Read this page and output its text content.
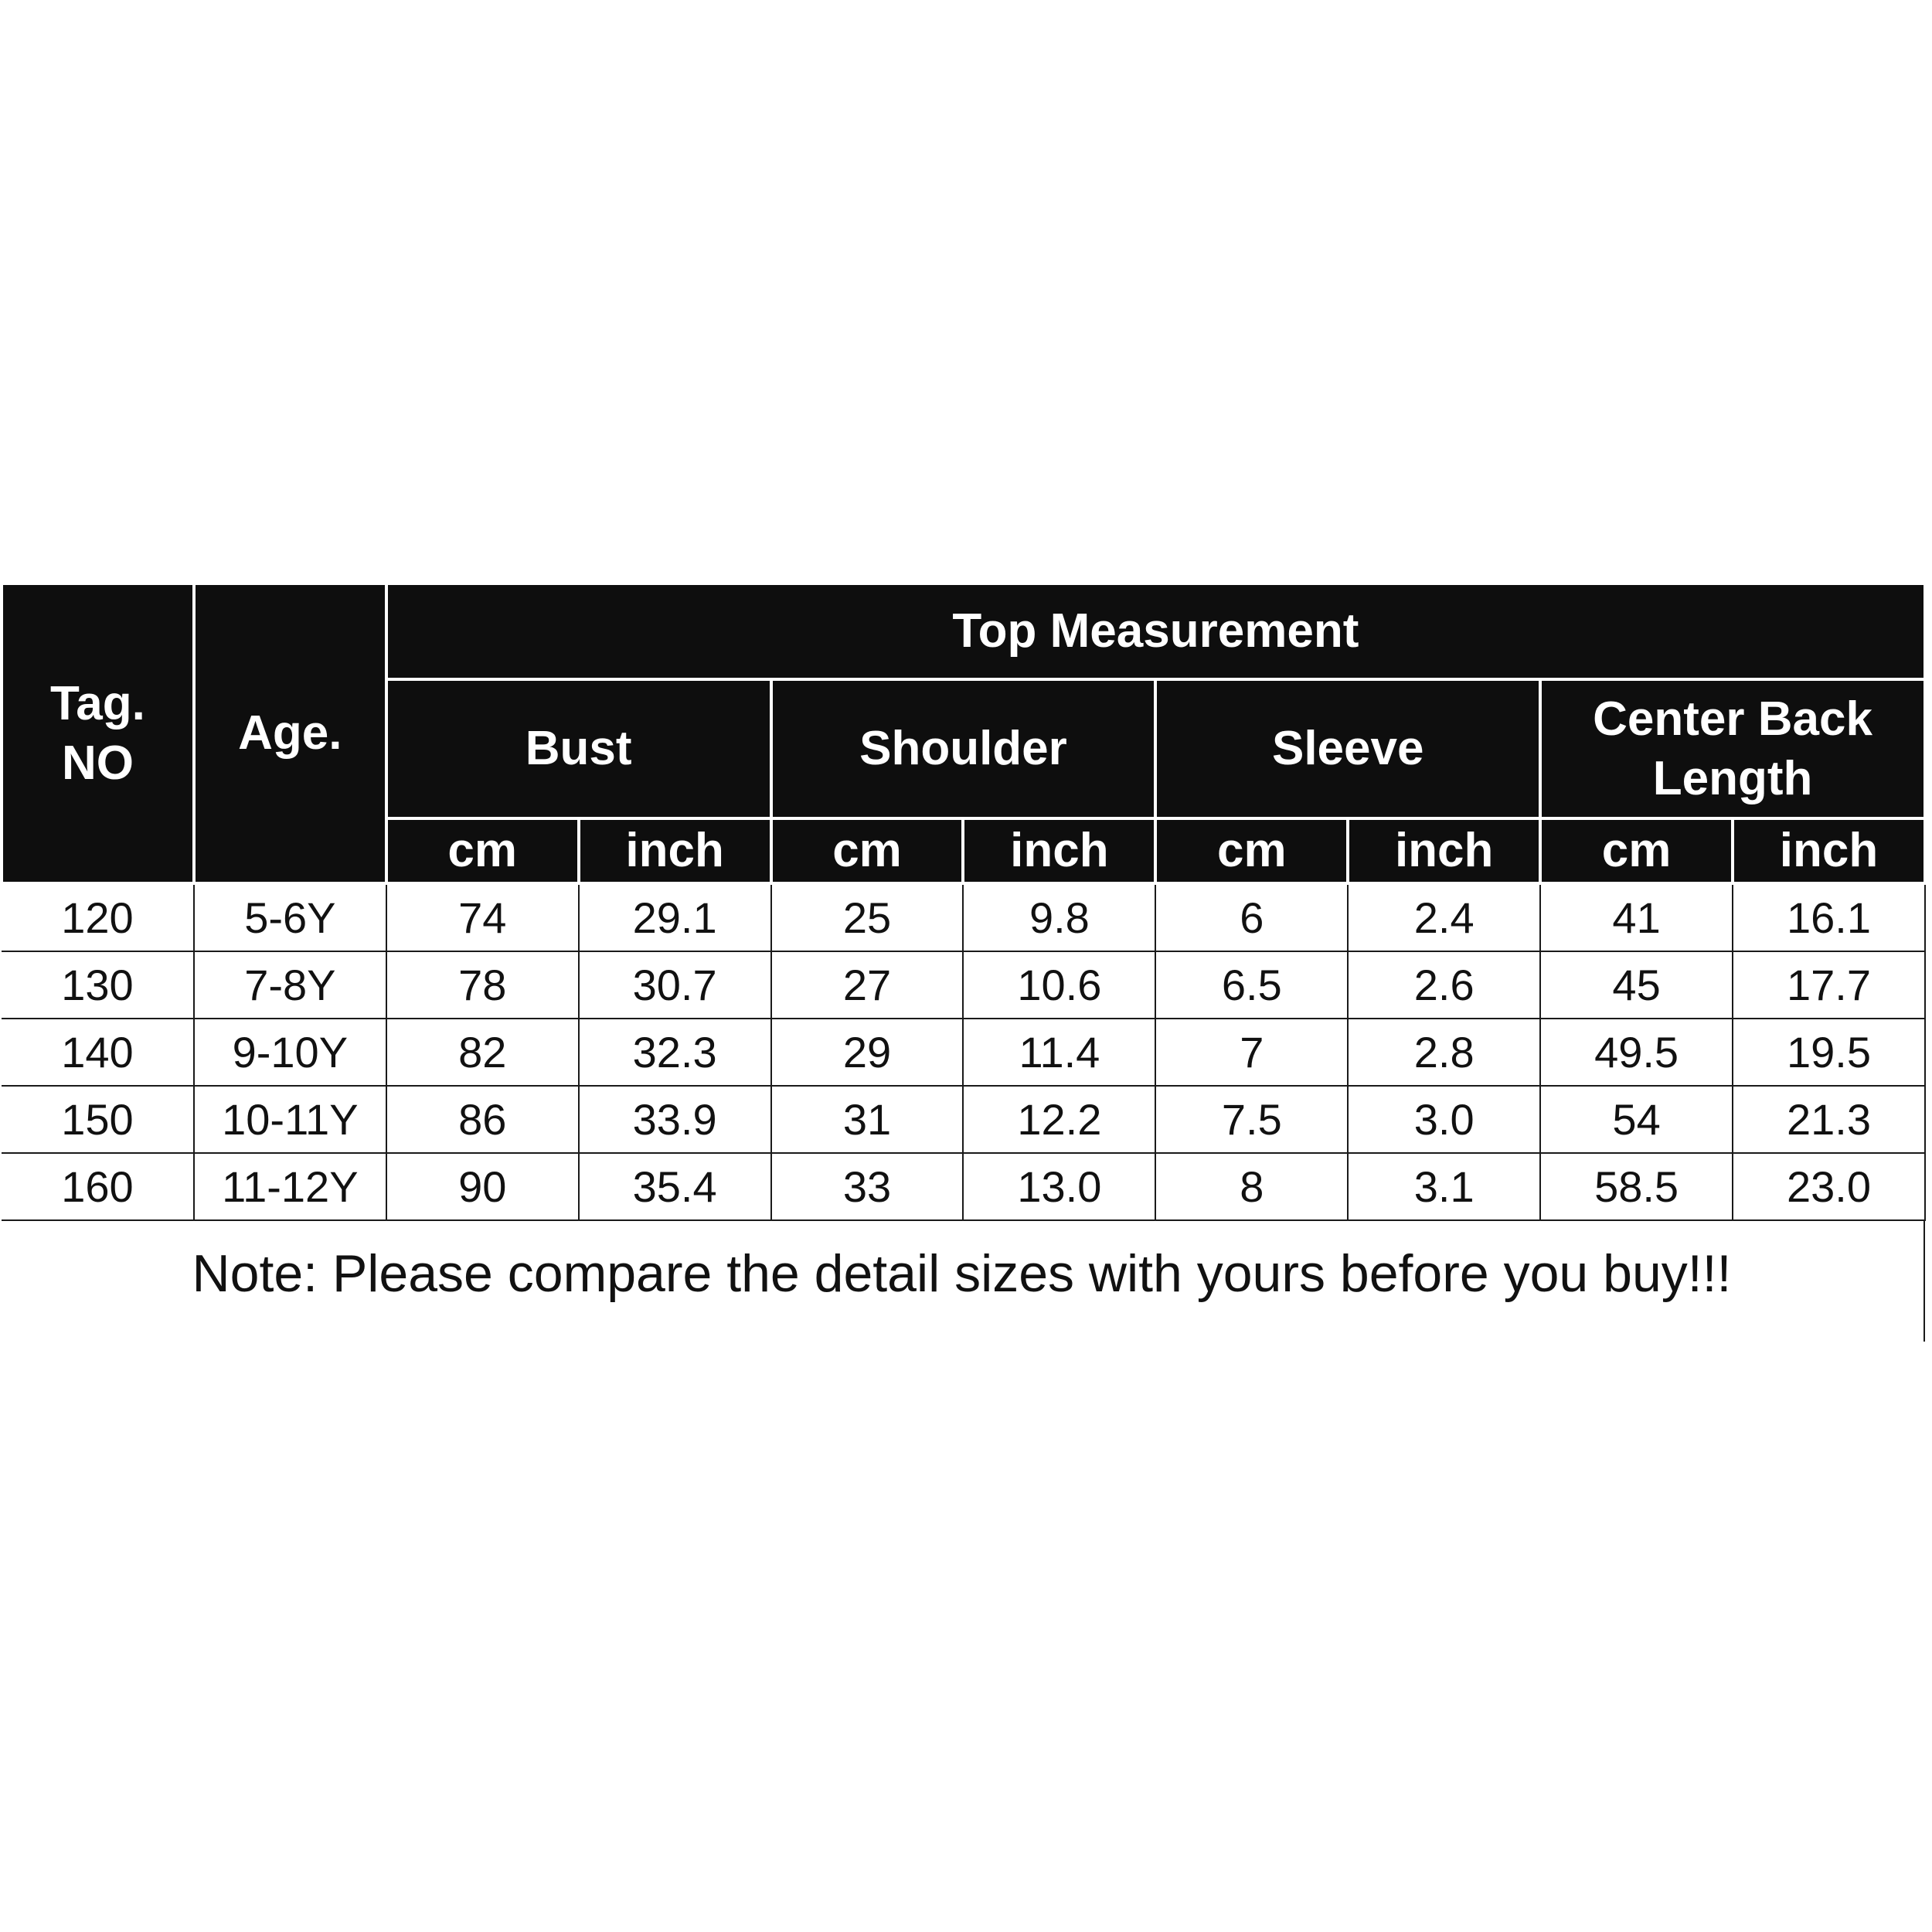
Tag.
NO	Age.	Top Measurement							

		Bust		Shoulder		Sleeve		Center Back
Length	

		cm	inch	cm	inch	cm	inch	cm	inch
120	5-6Y	74	29.1	25	9.8	6	2.4	41	16.1
130	7-8Y	78	30.7	27	10.6	6.5	2.6	45	17.7
140	9-10Y	82	32.3	29	11.4	7	2.8	49.5	19.5
150	10-11Y	86	33.9	31	12.2	7.5	3.0	54	21.3
160	11-12Y	90	35.4	33	13.0	8	3.1	58.5	23.0
Note: Please compare the detail sizes with yours before you buy!!!
